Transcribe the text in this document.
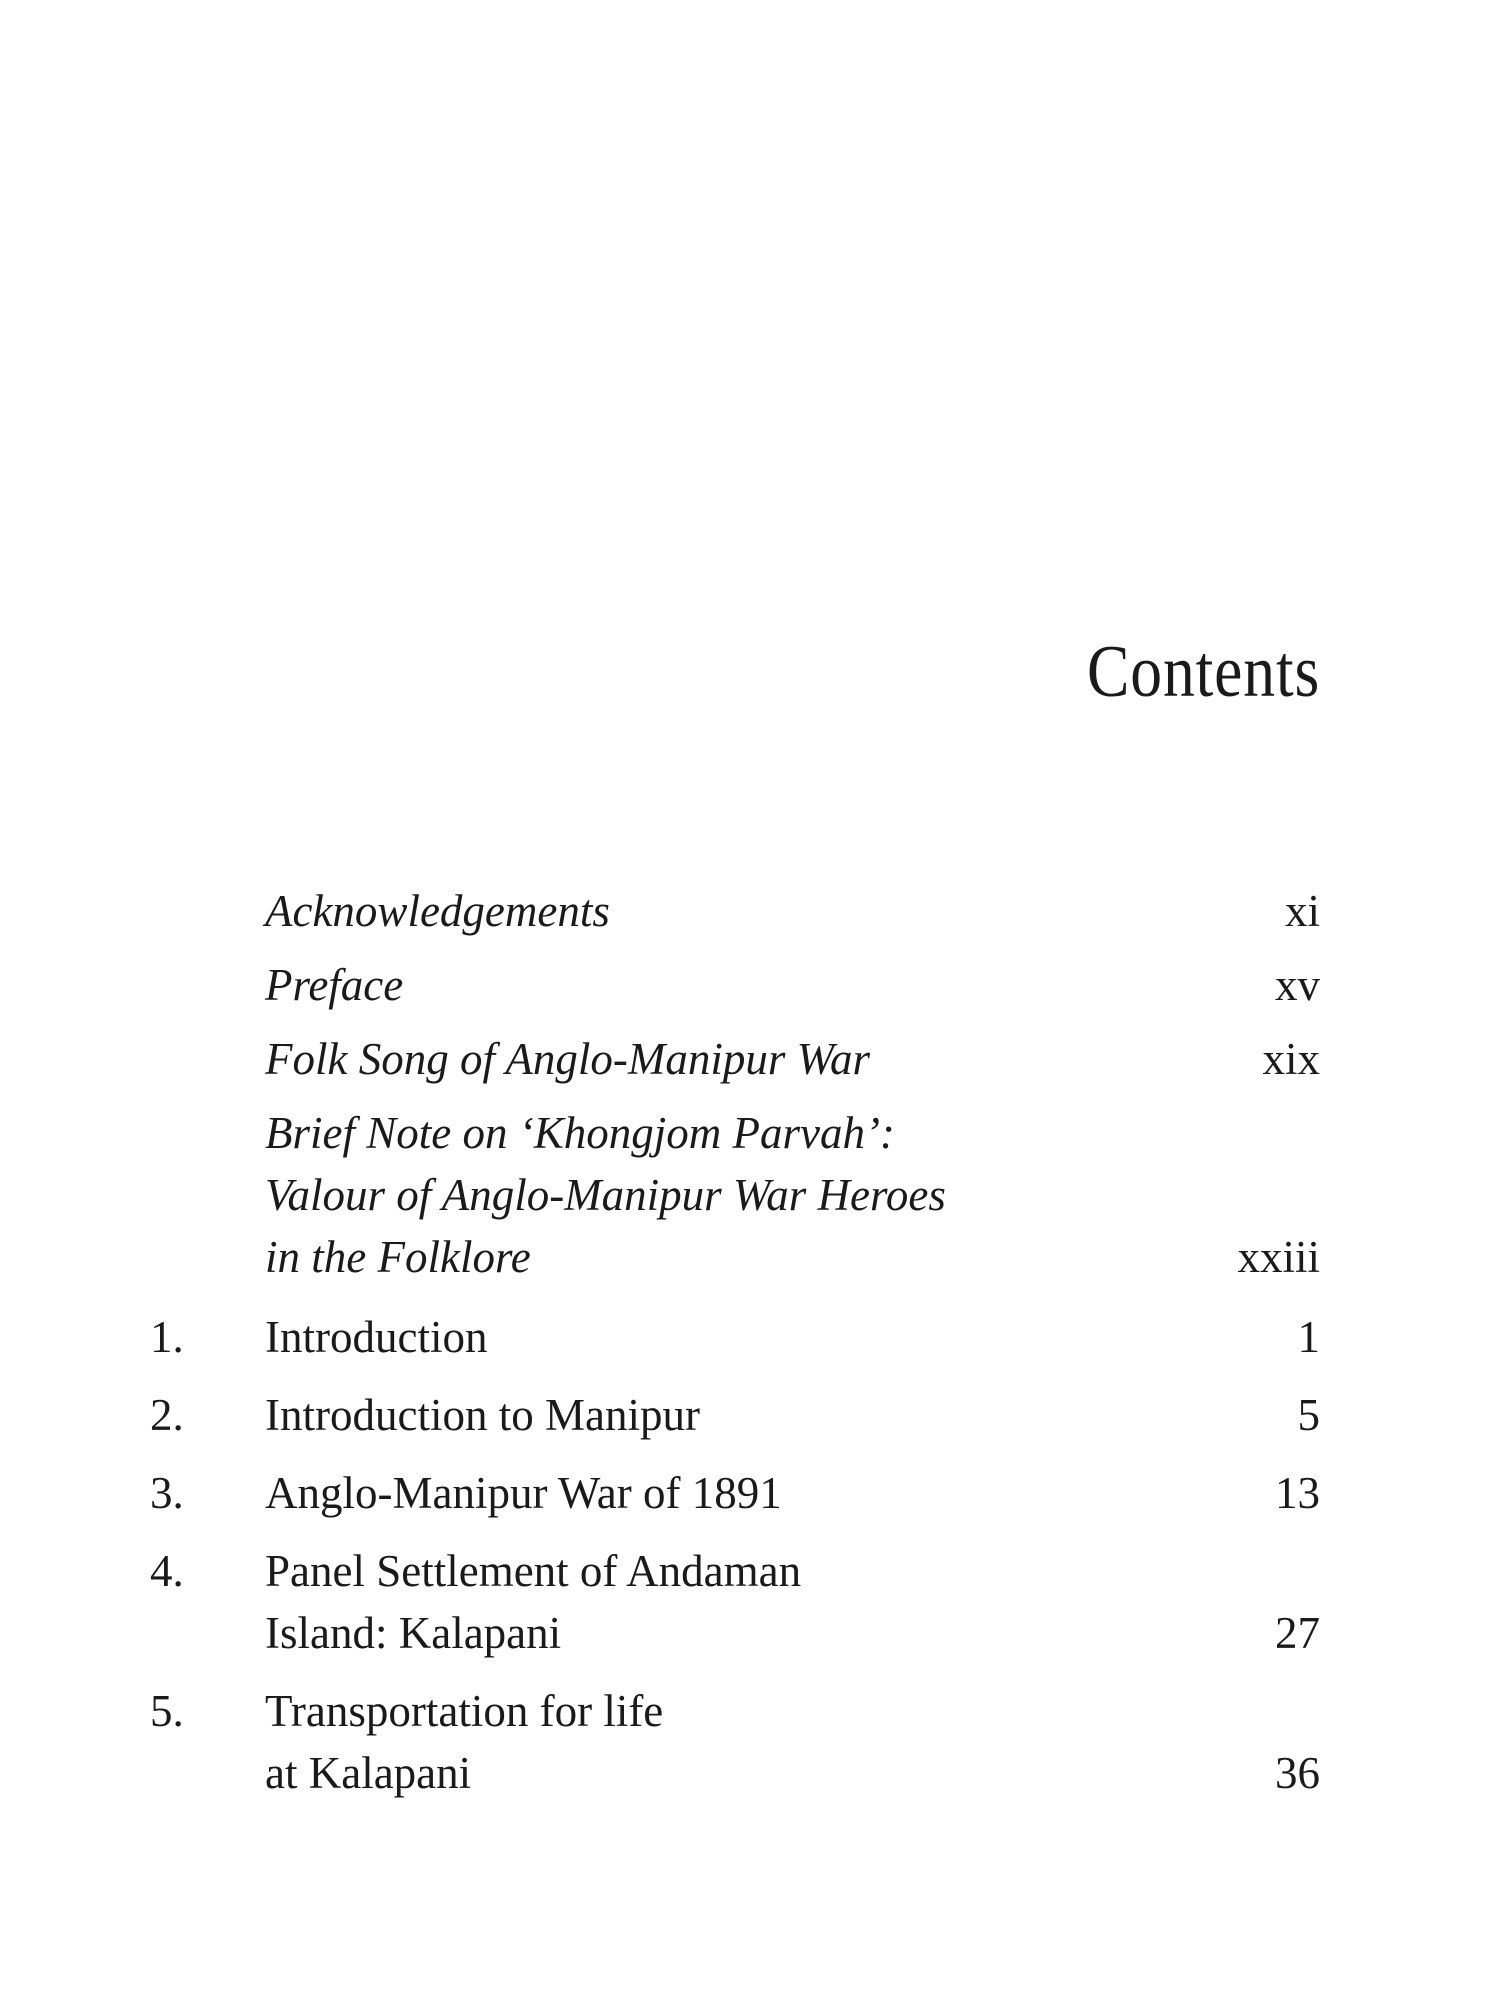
Contents
Acknowledgements	xi
Preface	xv
Folk Song of Anglo-Manipur War	xix
Brief Note on ‘Khongjom Parvah’:
Valour of Anglo-Manipur War Heroes
in the Folklore	xxiii
1.	Introduction	1
2.	Introduction to Manipur	5
3.	Anglo-Manipur War of 1891	13
4.	Panel Settlement of Andaman
Island: Kalapani	27
5.	Transportation for life
at Kalapani	36
